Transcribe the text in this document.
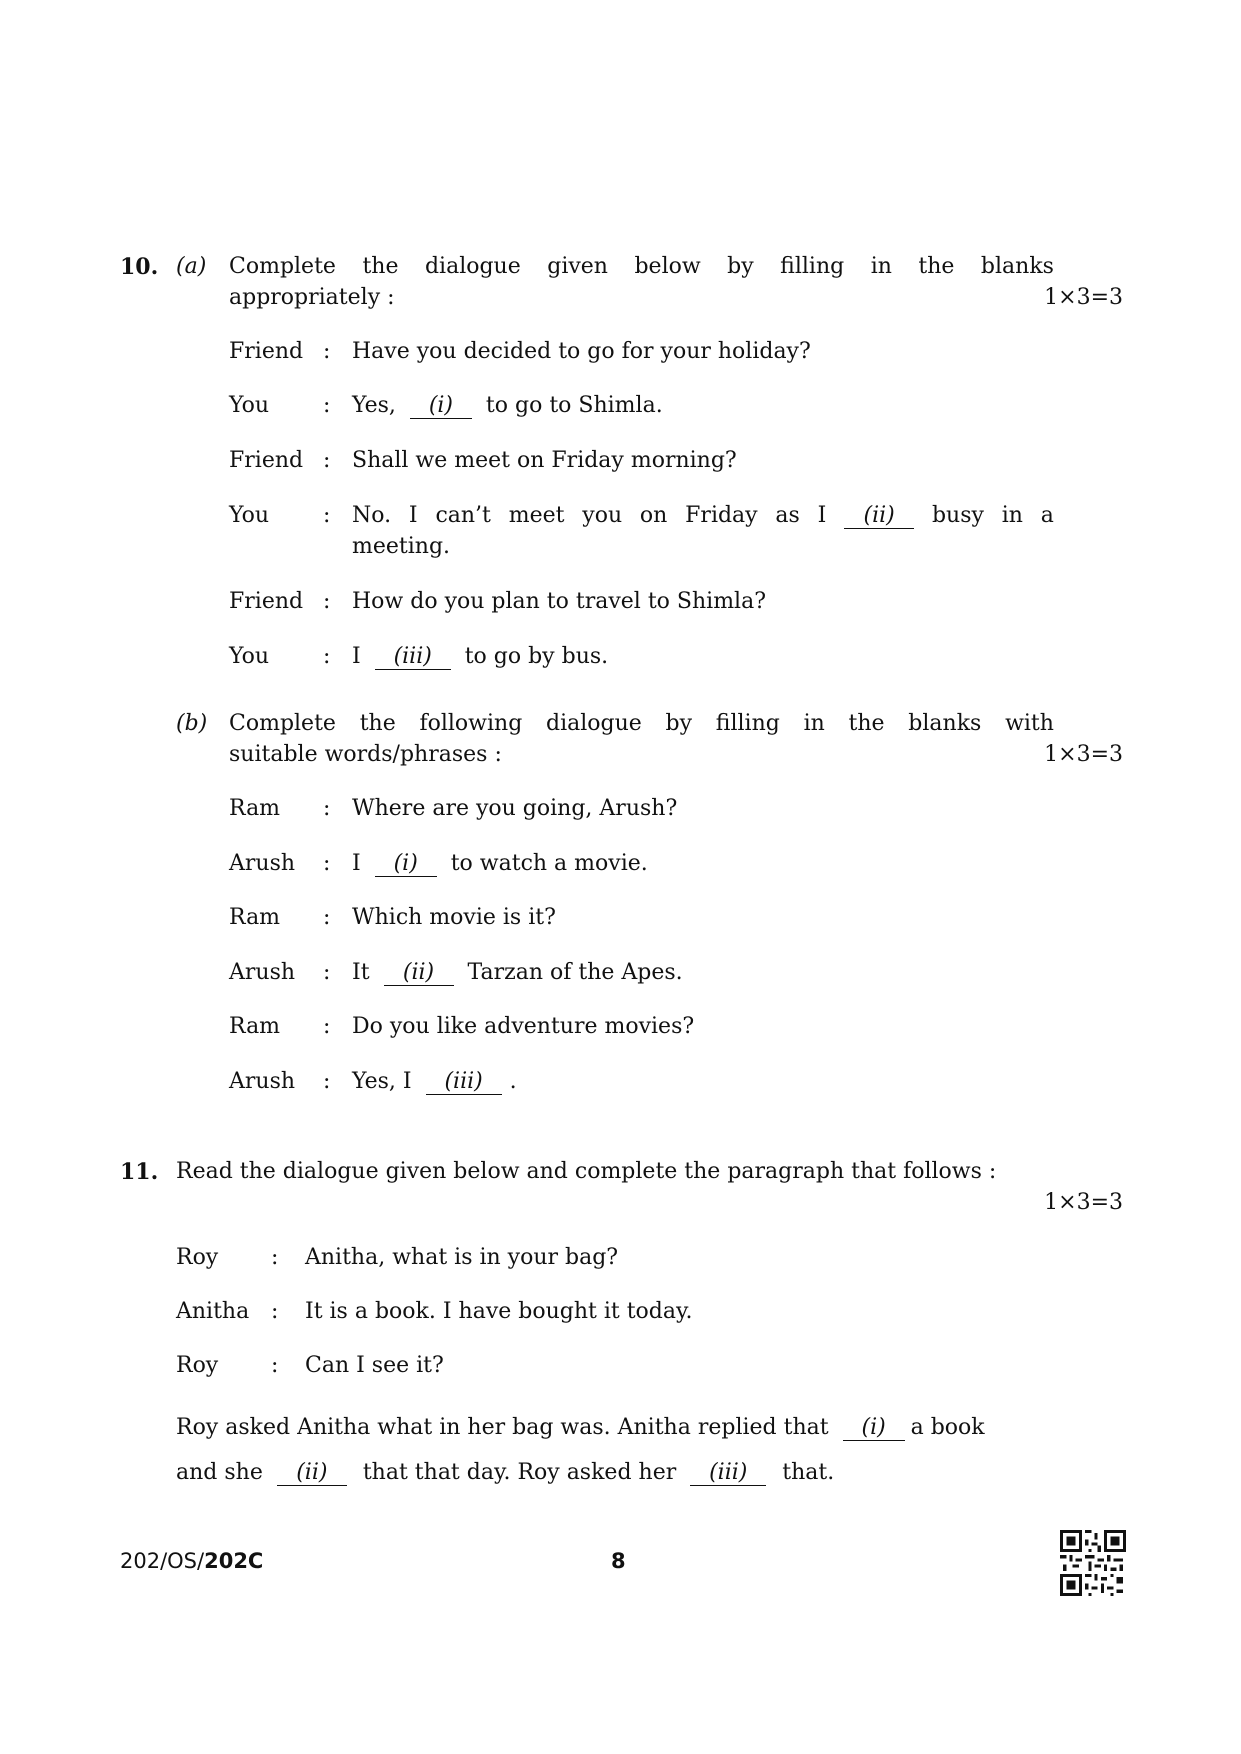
10. (a) Complete the dialogue given below by filling in the blanks
appropriately :	1×3=3
Friend : Have you decided to go for your holiday?
You : Yes, (i) to go to Shimla.
Friend : Shall we meet on Friday morning?
You : No. I can’t meet you on Friday as I	(ii)	busy in a
meeting.
Friend : How do you plan to travel to Shimla?
You : I (iii) to go by bus.
(b) Complete the following dialogue by filling in the blanks with
suitable words/phrases :	1×3=3
Ram : Where are you going, Arush?
Arush : I (i) to watch a movie.
Ram : Which movie is it?
Arush : It (ii) Tarzan of the Apes.
Ram : Do you like adventure movies?
Arush : Yes, I (iii) .
11. Read the dialogue given below and complete the paragraph that follows :
1×3=3
Roy : Anitha, what is in your bag?
Anitha : It is a book. I have bought it today.
Roy : Can I see it?
Roy asked Anitha what in her bag was. Anitha replied that (i) a book
and she (ii) that that day. Roy asked her (iii) that.
202/OS/202C	8
